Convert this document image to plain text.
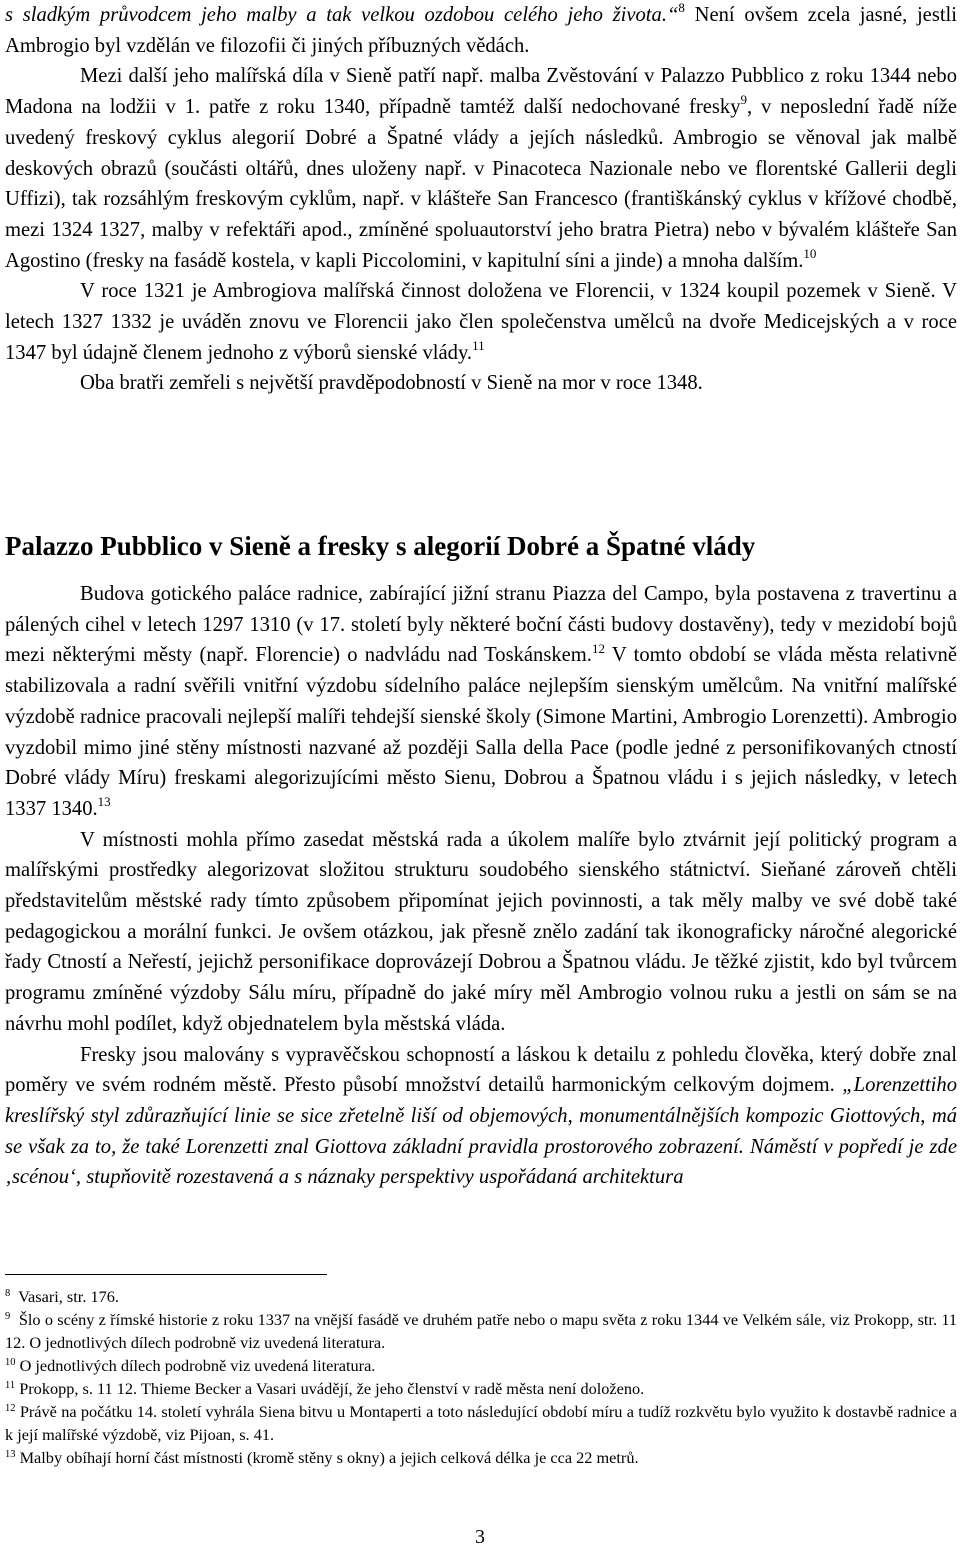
s sladkým průvodcem jeho malby a tak velkou ozdobou celého jeho života.“$^8$ Není ovšem zcela jasné, jestli Ambrogio byl vzdělán ve filozofii či jiných příbuzných vědách.

Mezi další jeho malířská díla v Sieně patří např. malba Zvěstování v Palazzo Pubblico z roku 1344 nebo Madona na lodžii v 1. patře z roku 1340, případně tamtéž další nedochované fresky$^9$, v neposlední řadě níže uvedený freskový cyklus alegorií Dobré a Špatné vlády a jejích následků. Ambrogio se věnoval jak malbě deskových obrazů (součásti oltářů, dnes uloženy např. v Pinacoteca Nazionale nebo ve florentské Gallerii degli Uffizi), tak rozsáhlým freskovým cyklům, např. v klášteře San Francesco (františkánský cyklus v křížové chodbě, mezi 1324 1327, malby v refektáři apod., zmíněné spoluautorství jeho bratra Pietra) nebo v bývalém klášteře San Agostino (fresky na fasádě kostela, v kapli Piccolomini, v kapitulní síni a jinde) a mnoha dalším.$^{10}$

V roce 1321 je Ambrogiova malířská činnost doložena ve Florencii, v 1324 koupil pozemek v Sieně. V letech 1327 1332 je uváděn znovu ve Florencii jako člen společenstva umělců na dvoře Medicejských a v roce 1347 byl údajně členem jednoho z výborů sienské vlády.$^{11}$

Oba bratři zemřeli s největší pravděpodobností v Sieně na mor v roce 1348.

Palazzo Pubblico v Sieně a fresky s alegorií Dobré a Špatné vlády

Budova gotického paláce radnice, zabírající jižní stranu Piazza del Campo, byla postavena z travertinu a pálených cihel v letech 1297 1310 (v 17. století byly některé boční části budovy dostavěny), tedy v mezidobí bojů mezi některými městy (např. Florencie) o nadvládu nad Toskánskem.$^{12}$ V tomto období se vláda města relativně stabilizovala a radní svěřili vnitřní výzdobu sídelního paláce nejlepším sienským umělcům. Na vnitřní malířské výzdobě radnice pracovali nejlepší malíři tehdejší sienské školy (Simone Martini, Ambrogio Lorenzetti). Ambrogio vyzdobil mimo jiné stěny místnosti nazvané až později Salla della Pace (podle jedné z personifikovaných ctností Dobré vlády Míru) freskami alegorizujícími město Sienu, Dobrou a Špatnou vládu i s jejich následky, v letech 1337 1340.13

V místnosti mohla přímo zasedat městská rada a úkolem malíře bylo ztvárnit její politický program a malířskými prostředky alegorizovat složitou strukturu soudobého sienského státnictví. Sieňané zároveň chtěli představitelům městské rady tímto způsobem připomínat jejich povinnosti, a tak měly malby ve své době také pedagogickou a morální funkci. Je ovšem otázkou, jak přesně znělo zadání tak ikonograficky náročné alegorické řady Ctností a Neřestí, jejichž personifikace doprovázejí Dobrou a Špatnou vládu. Je těžké zjistit, kdo byl tvůrcem programu zmíněné výzdoby Sálu míru, případně do jaké míry měl Ambrogio volnou ruku a jestli on sám se na návrhu mohl podílet, když objednatelem byla městská vláda.

Fresky jsou malovány s vypravěčskou schopností a láskou k detailu z pohledu člověka, který dobře znal poměry ve svém rodném městě. Přesto působí množství detailů harmonickým celkovým dojmem. „Lorenzettiho kreslířský styl zdůrazňující linie se sice zřetelně liší od objemových, monumentálnějších kompozic Giottových, má se však za to, že také Lorenzetti znal Giottova základní pravidla prostorového zobrazení. Náměstí v popředí je zde ‚scénou‘, stupňovitě rozestavená a s náznaky perspektivy uspořádaná architektura

$^8$ Vasari, str. 176.

$^9$ Šlo o scény z římské historie z roku 1337 na vnější fasádě ve druhém patře nebo o mapu světa z roku 1344 ve Velkém sále, viz Prokopp, str. 11 12. O jednotlivých dílech podrobně viz uvedená literatura.

$^{10}$ O jednotlivých dílech podrobně viz uvedená literatura.

$^{11}$ Prokopp, s. 11 12. Thieme Becker a Vasari uvádějí, že jeho členství v radě města není doloženo.

$^{12}$ Právě na počátku 14. století vyhrála Siena bitvu u Montaperti a toto následující období míru a tudíž rozkvětu bylo využito k dostavbě radnice a k její malířské výzdobě, viz Pijoan, s. 41.

$^{13}$ Malby obíhají horní část místnosti (kromě stěny s okny) a jejich celková délka je cca 22 metrů.

3
